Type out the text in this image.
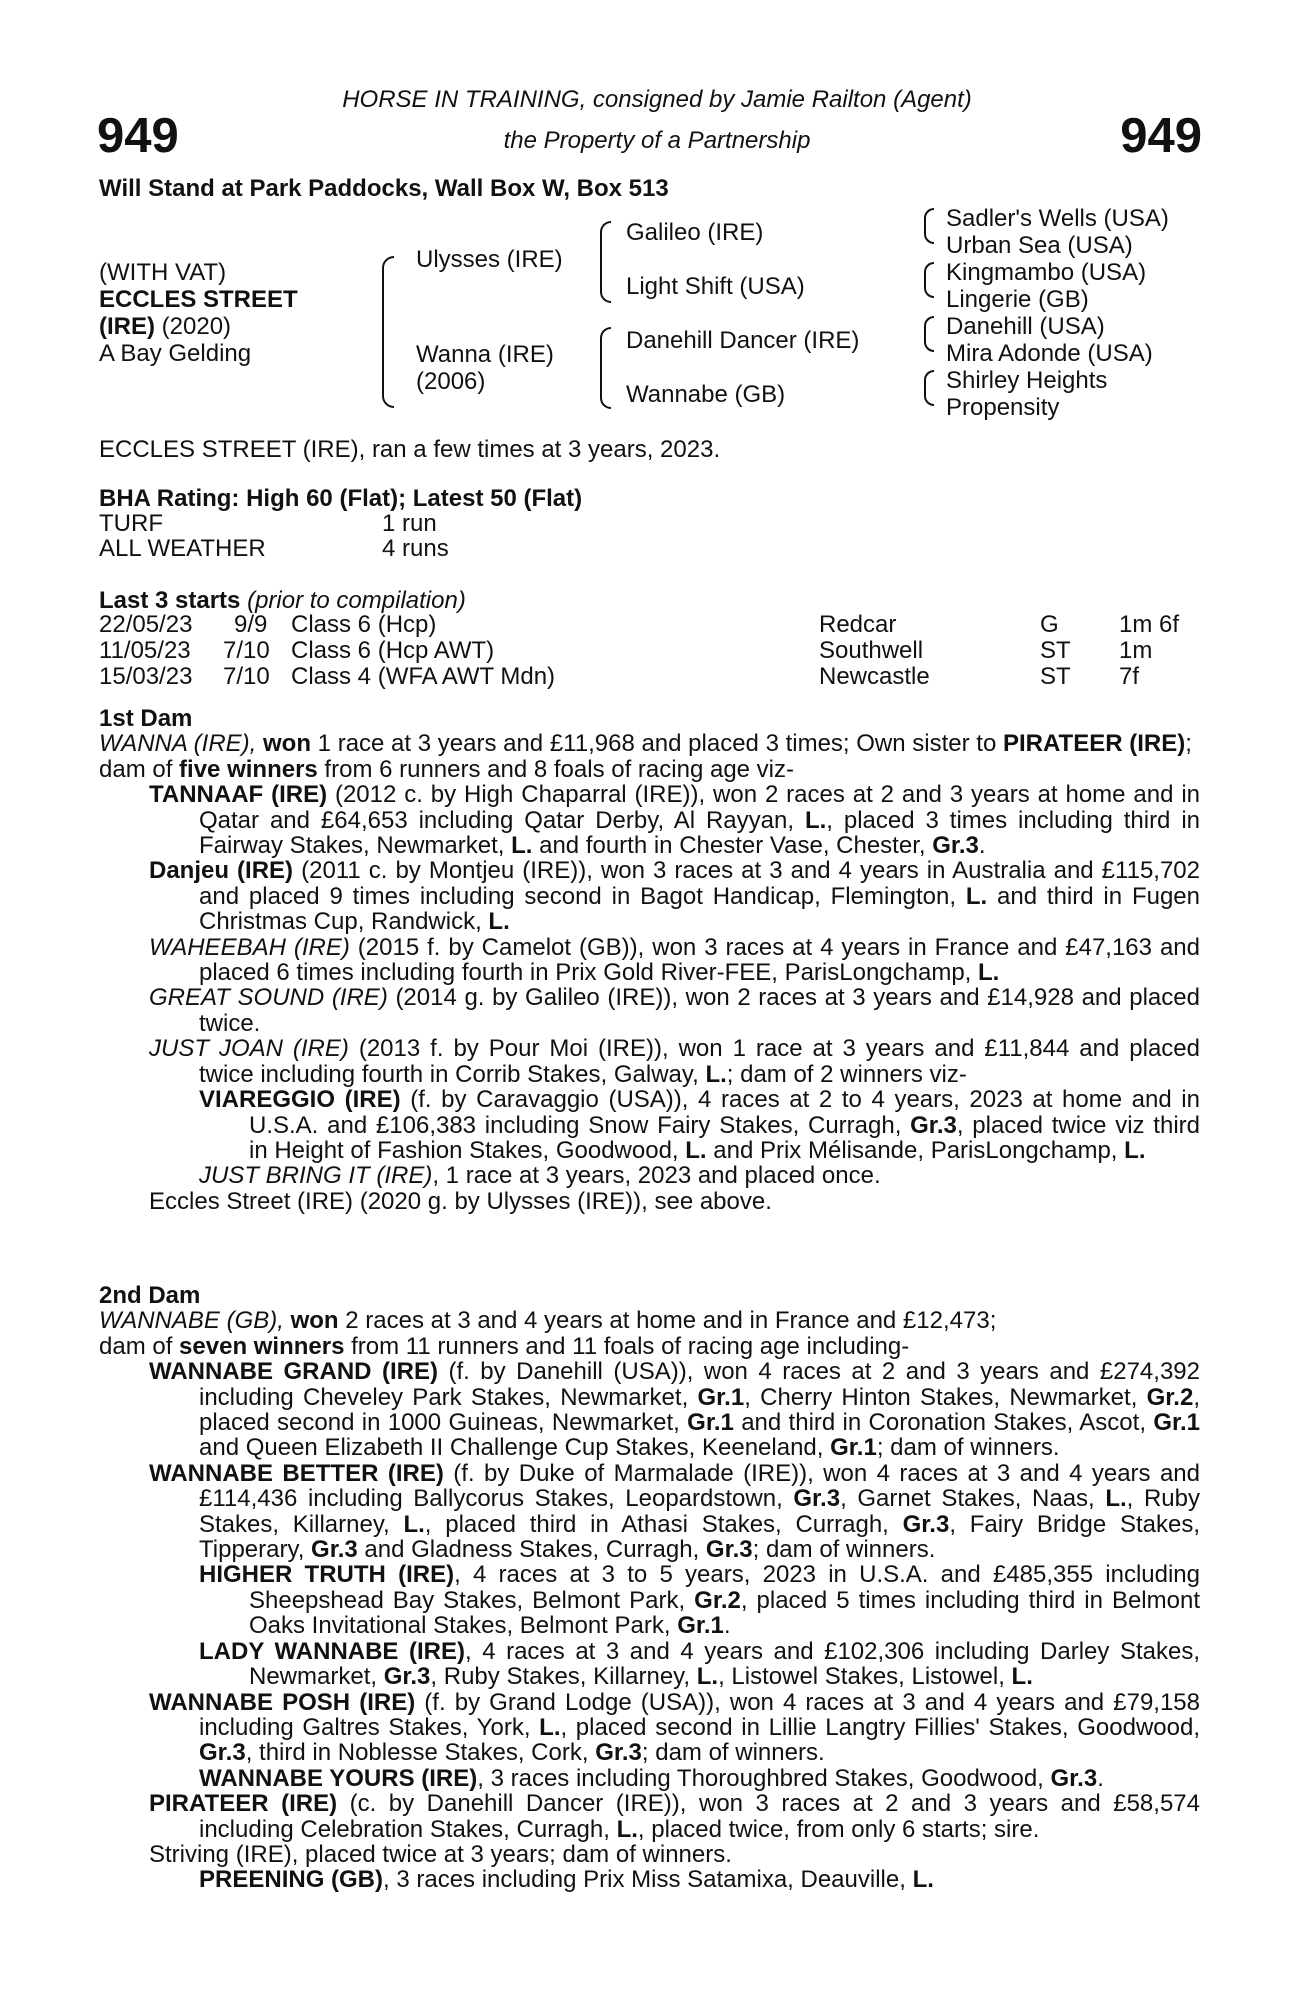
949	949
HORSE IN TRAINING, consigned by Jamie Railton (Agent)
the Property of a Partnership
Will Stand at Park Paddocks, Wall Box W, Box 513
(WITH VAT)
ECCLES STREET
(IRE) (2020)
A Bay Gelding
Ulysses (IRE)
Wanna (IRE)
(2006)
Galileo (IRE)
Light Shift (USA)
Danehill Dancer (IRE)
Wannabe (GB)
Sadler's Wells (USA)
Urban Sea (USA)
Kingmambo (USA)
Lingerie (GB)
Danehill (USA)
Mira Adonde (USA)
Shirley Heights
Propensity
ECCLES STREET (IRE), ran a few times at 3 years, 2023.
BHA Rating: High 60 (Flat); Latest 50 (Flat)
TURF	1 run
ALL WEATHER	4 runs
Last 3 starts (prior to compilation)
22/05/23 9/9 Class 6 (Hcp)	Redcar	G	1m 6f
11/05/23 7/10 Class 6 (Hcp AWT)	Southwell	ST 1m
15/03/23 7/10 Class 4 (WFA AWT Mdn)	Newcastle	ST 7f

1st Dam

WANNA (IRE), won 1 race at 3 years and £11,968 and placed 3 times; Own sister to PIRATEER (IRE);

dam of five winners from 6 runners and 8 foals of racing age viz-

TANNAAF (IRE) (2012 c. by High Chaparral (IRE)), won 2 races at 2 and 3 years at home and in Qatar and £64,653 including Qatar Derby, Al Rayyan, L., placed 3 times including third in Fairway Stakes, Newmarket, L. and fourth in Chester Vase, Chester, Gr.3.

Danjeu (IRE) (2011 c. by Montjeu (IRE)), won 3 races at 3 and 4 years in Australia and £115,702 and placed 9 times including second in Bagot Handicap, Flemington, L. and third in Fugen Christmas Cup, Randwick, L.

WAHEEBAH (IRE) (2015 f. by Camelot (GB)), won 3 races at 4 years in France and £47,163 and placed 6 times including fourth in Prix Gold River-FEE, ParisLongchamp, L.

GREAT SOUND (IRE) (2014 g. by Galileo (IRE)), won 2 races at 3 years and £14,928 and placed twice.

JUST JOAN (IRE) (2013 f. by Pour Moi (IRE)), won 1 race at 3 years and £11,844 and placed twice including fourth in Corrib Stakes, Galway, L.; dam of 2 winners viz-

VIAREGGIO (IRE) (f. by Caravaggio (USA)), 4 races at 2 to 4 years, 2023 at home and in U.S.A. and £106,383 including Snow Fairy Stakes, Curragh, Gr.3, placed twice viz third in Height of Fashion Stakes, Goodwood, L. and Prix Mélisande, ParisLongchamp, L.

JUST BRING IT (IRE), 1 race at 3 years, 2023 and placed once.

Eccles Street (IRE) (2020 g. by Ulysses (IRE)), see above.

2nd Dam

WANNABE (GB), won 2 races at 3 and 4 years at home and in France and £12,473;

dam of seven winners from 11 runners and 11 foals of racing age including-

WANNABE GRAND (IRE) (f. by Danehill (USA)), won 4 races at 2 and 3 years and £274,392 including Cheveley Park Stakes, Newmarket, Gr.1, Cherry Hinton Stakes, Newmarket, Gr.2, placed second in 1000 Guineas, Newmarket, Gr.1 and third in Coronation Stakes, Ascot, Gr.1 and Queen Elizabeth II Challenge Cup Stakes, Keeneland, Gr.1; dam of winners.

WANNABE BETTER (IRE) (f. by Duke of Marmalade (IRE)), won 4 races at 3 and 4 years and £114,436 including Ballycorus Stakes, Leopardstown, Gr.3, Garnet Stakes, Naas, L., Ruby Stakes, Killarney, L., placed third in Athasi Stakes, Curragh, Gr.3, Fairy Bridge Stakes, Tipperary, Gr.3 and Gladness Stakes, Curragh, Gr.3; dam of winners.

HIGHER TRUTH (IRE), 4 races at 3 to 5 years, 2023 in U.S.A. and £485,355 including Sheepshead Bay Stakes, Belmont Park, Gr.2, placed 5 times including third in Belmont Oaks Invitational Stakes, Belmont Park, Gr.1.

LADY WANNABE (IRE), 4 races at 3 and 4 years and £102,306 including Darley Stakes, Newmarket, Gr.3, Ruby Stakes, Killarney, L., Listowel Stakes, Listowel, L.

WANNABE POSH (IRE) (f. by Grand Lodge (USA)), won 4 races at 3 and 4 years and £79,158 including Galtres Stakes, York, L., placed second in Lillie Langtry Fillies' Stakes, Goodwood, Gr.3, third in Noblesse Stakes, Cork, Gr.3; dam of winners.

WANNABE YOURS (IRE), 3 races including Thoroughbred Stakes, Goodwood, Gr.3.

PIRATEER (IRE) (c. by Danehill Dancer (IRE)), won 3 races at 2 and 3 years and £58,574 including Celebration Stakes, Curragh, L., placed twice, from only 6 starts; sire.

Striving (IRE), placed twice at 3 years; dam of winners.

PREENING (GB), 3 races including Prix Miss Satamixa, Deauville, L.
